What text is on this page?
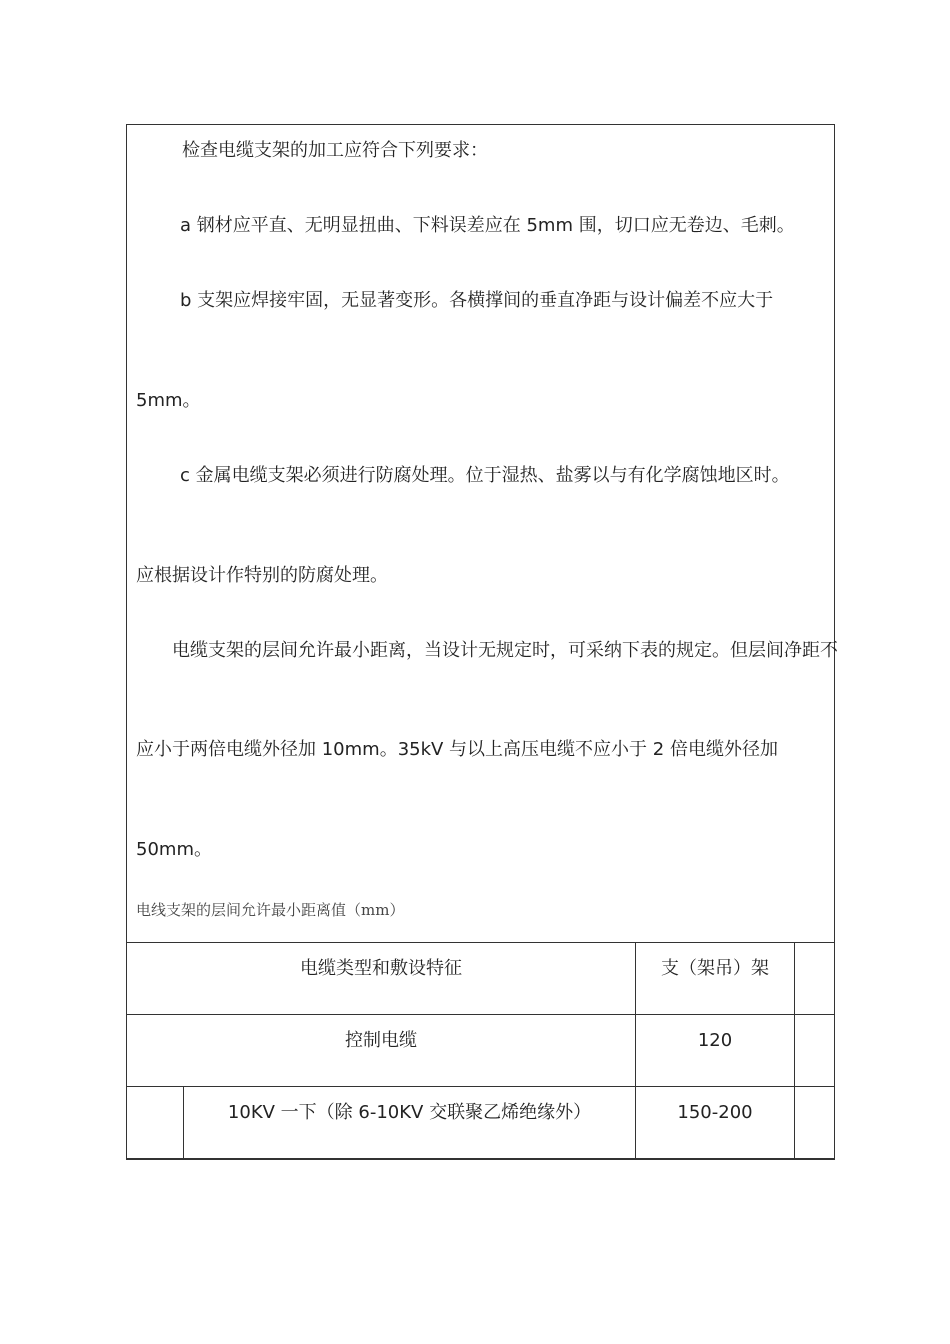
检查电缆支架的加工应符合下列要求：
a 钢材应平直、无明显扭曲、下料误差应在 5mm 围，切口应无卷边、毛刺。
b 支架应焊接牢固，无显著变形。各横撑间的垂直净距与设计偏差不应大于
5mm。
c 金属电缆支架必须进行防腐处理。位于湿热、盐雾以与有化学腐蚀地区时。
应根据设计作特别的防腐处理。
电缆支架的层间允许最小距离，当设计无规定时，可采纳下表的规定。但层间净距不
应小于两倍电缆外径加 10mm。35kV 与以上高压电缆不应小于 2 倍电缆外径加
50mm。
电线支架的层间允许最小距离值（mm）
电缆类型和敷设特征	支（架吊）架
控制电缆	120
10KV 一下（除 6-10KV 交联聚乙烯绝缘外）	150-200
